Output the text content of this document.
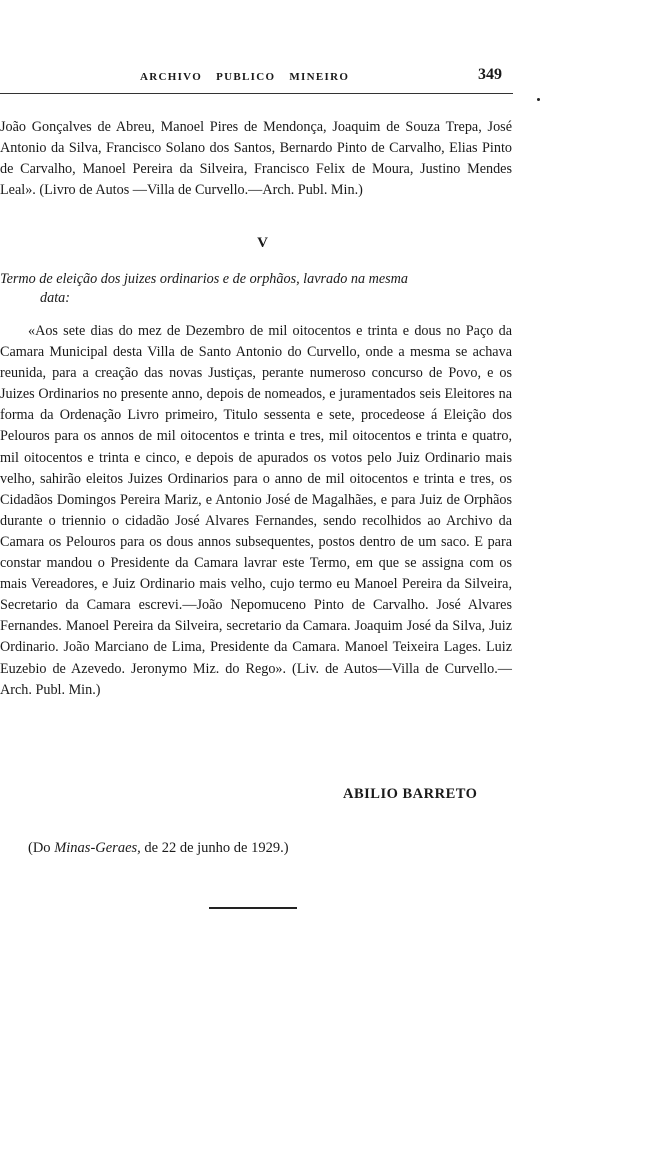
ARCHIVO PUBLICO MINEIRO	349

João Gonçalves de Abreu, Manoel Pires de Mendonça, Joaquim de Souza Trepa, José Antonio da Silva, Francisco Solano dos Santos, Bernardo Pinto de Carvalho, Elias Pinto de Carvalho, Manoel Pereira da Silveira, Francisco Felix de Moura, Justino Mendes Leal». (Livro de Autos —Villa de Curvello.—Arch. Publ. Min.)

V

Termo de eleição dos juizes ordinarios e de orphãos, lavrado na mesma
data:

«Aos sete dias do mez de Dezembro de mil oitocentos e trinta e dous no Paço da Camara Municipal desta Villa de Santo Antonio do Curvello, onde a mesma se achava reunida, para a creação das novas Justiças, perante numeroso concurso de Povo, e os Juizes Ordinarios no presente anno, depois de nomeados, e juramentados seis Eleitores na forma da Ordenação Livro primeiro, Titulo sessenta e sete, procedeose á Eleição dos Pelouros para os annos de mil oitocentos e trinta e tres, mil oitocentos e trinta e quatro, mil oitocentos e trinta e cinco, e depois de apurados os votos pelo Juiz Ordinario mais velho, sahirão eleitos Juizes Ordinarios para o anno de mil oitocentos e trinta e tres, os Cidadãos Domingos Pereira Mariz, e Antonio José de Magalhães, e para Juiz de Orphãos durante o triennio o cidadão José Alvares Fernandes, sendo recolhidos ao Archivo da Camara os Pelouros para os dous annos subsequentes, postos dentro de um saco. E para constar mandou o Presidente da Camara lavrar este Termo, em que se assigna com os mais Vereadores, e Juiz Ordinario mais velho, cujo termo eu Manoel Pereira da Silveira, Secretario da Camara escrevi.—João Nepomuceno Pinto de Carvalho. José Alvares Fernandes. Manoel Pereira da Silveira, secretario da Camara. Joaquim José da Silva, Juiz Ordinario. João Marciano de Lima, Presidente da Camara. Manoel Teixeira Lages. Luiz Euzebio de Azevedo. Jeronymo Miz. do Rego». (Liv. de Autos—Villa de Curvello.—Arch. Publ. Min.)

ABILIO BARRETO
(Do Minas-Geraes, de 22 de junho de 1929.)
